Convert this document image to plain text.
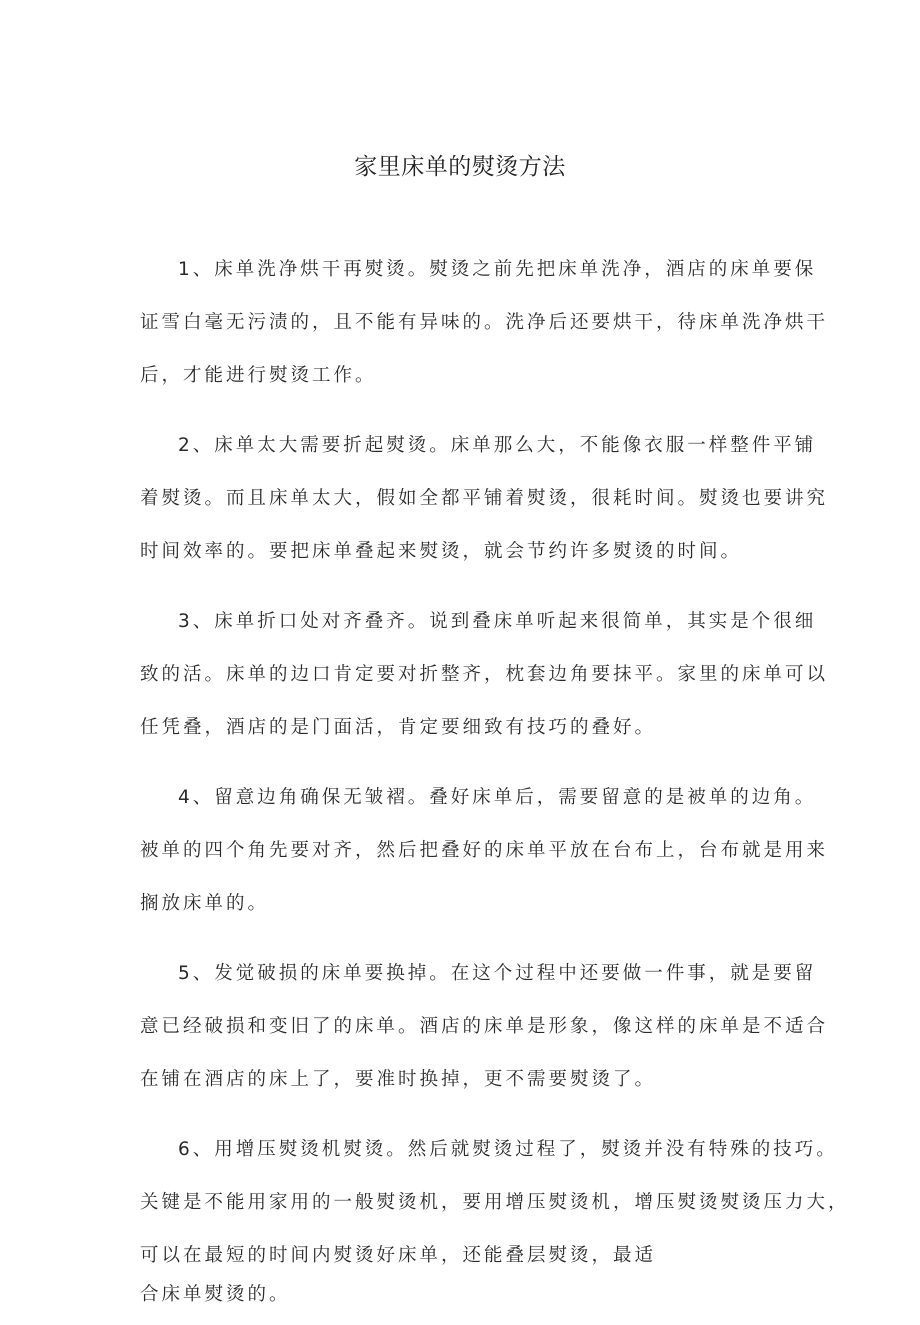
家里床单的熨烫方法

1、床单洗净烘干再熨烫。熨烫之前先把床单洗净，酒店的床单要保

证雪白毫无污渍的，且不能有异味的。洗净后还要烘干，待床单洗净烘干

后，才能进行熨烫工作。

2、床单太大需要折起熨烫。床单那么大，不能像衣服一样整件平铺

着熨烫。而且床单太大，假如全都平铺着熨烫，很耗时间。熨烫也要讲究

时间效率的。要把床单叠起来熨烫，就会节约许多熨烫的时间。

3、床单折口处对齐叠齐。说到叠床单听起来很简单，其实是个很细

致的活。床单的边口肯定要对折整齐，枕套边角要抹平。家里的床单可以

任凭叠，酒店的是门面活，肯定要细致有技巧的叠好。

4、留意边角确保无皱褶。叠好床单后，需要留意的是被单的边角。

被单的四个角先要对齐，然后把叠好的床单平放在台布上，台布就是用来

搁放床单的。

5、发觉破损的床单要换掉。在这个过程中还要做一件事，就是要留

意已经破损和变旧了的床单。酒店的床单是形象，像这样的床单是不适合

在铺在酒店的床上了，要准时换掉，更不需要熨烫了。

6、用增压熨烫机熨烫。然后就熨烫过程了，熨烫并没有特殊的技巧。

关键是不能用家用的一般熨烫机，要用增压熨烫机，增压熨烫熨烫压力大，

可以在最短的时间内熨烫好床单，还能叠层熨烫，最适

合床单熨烫的。
